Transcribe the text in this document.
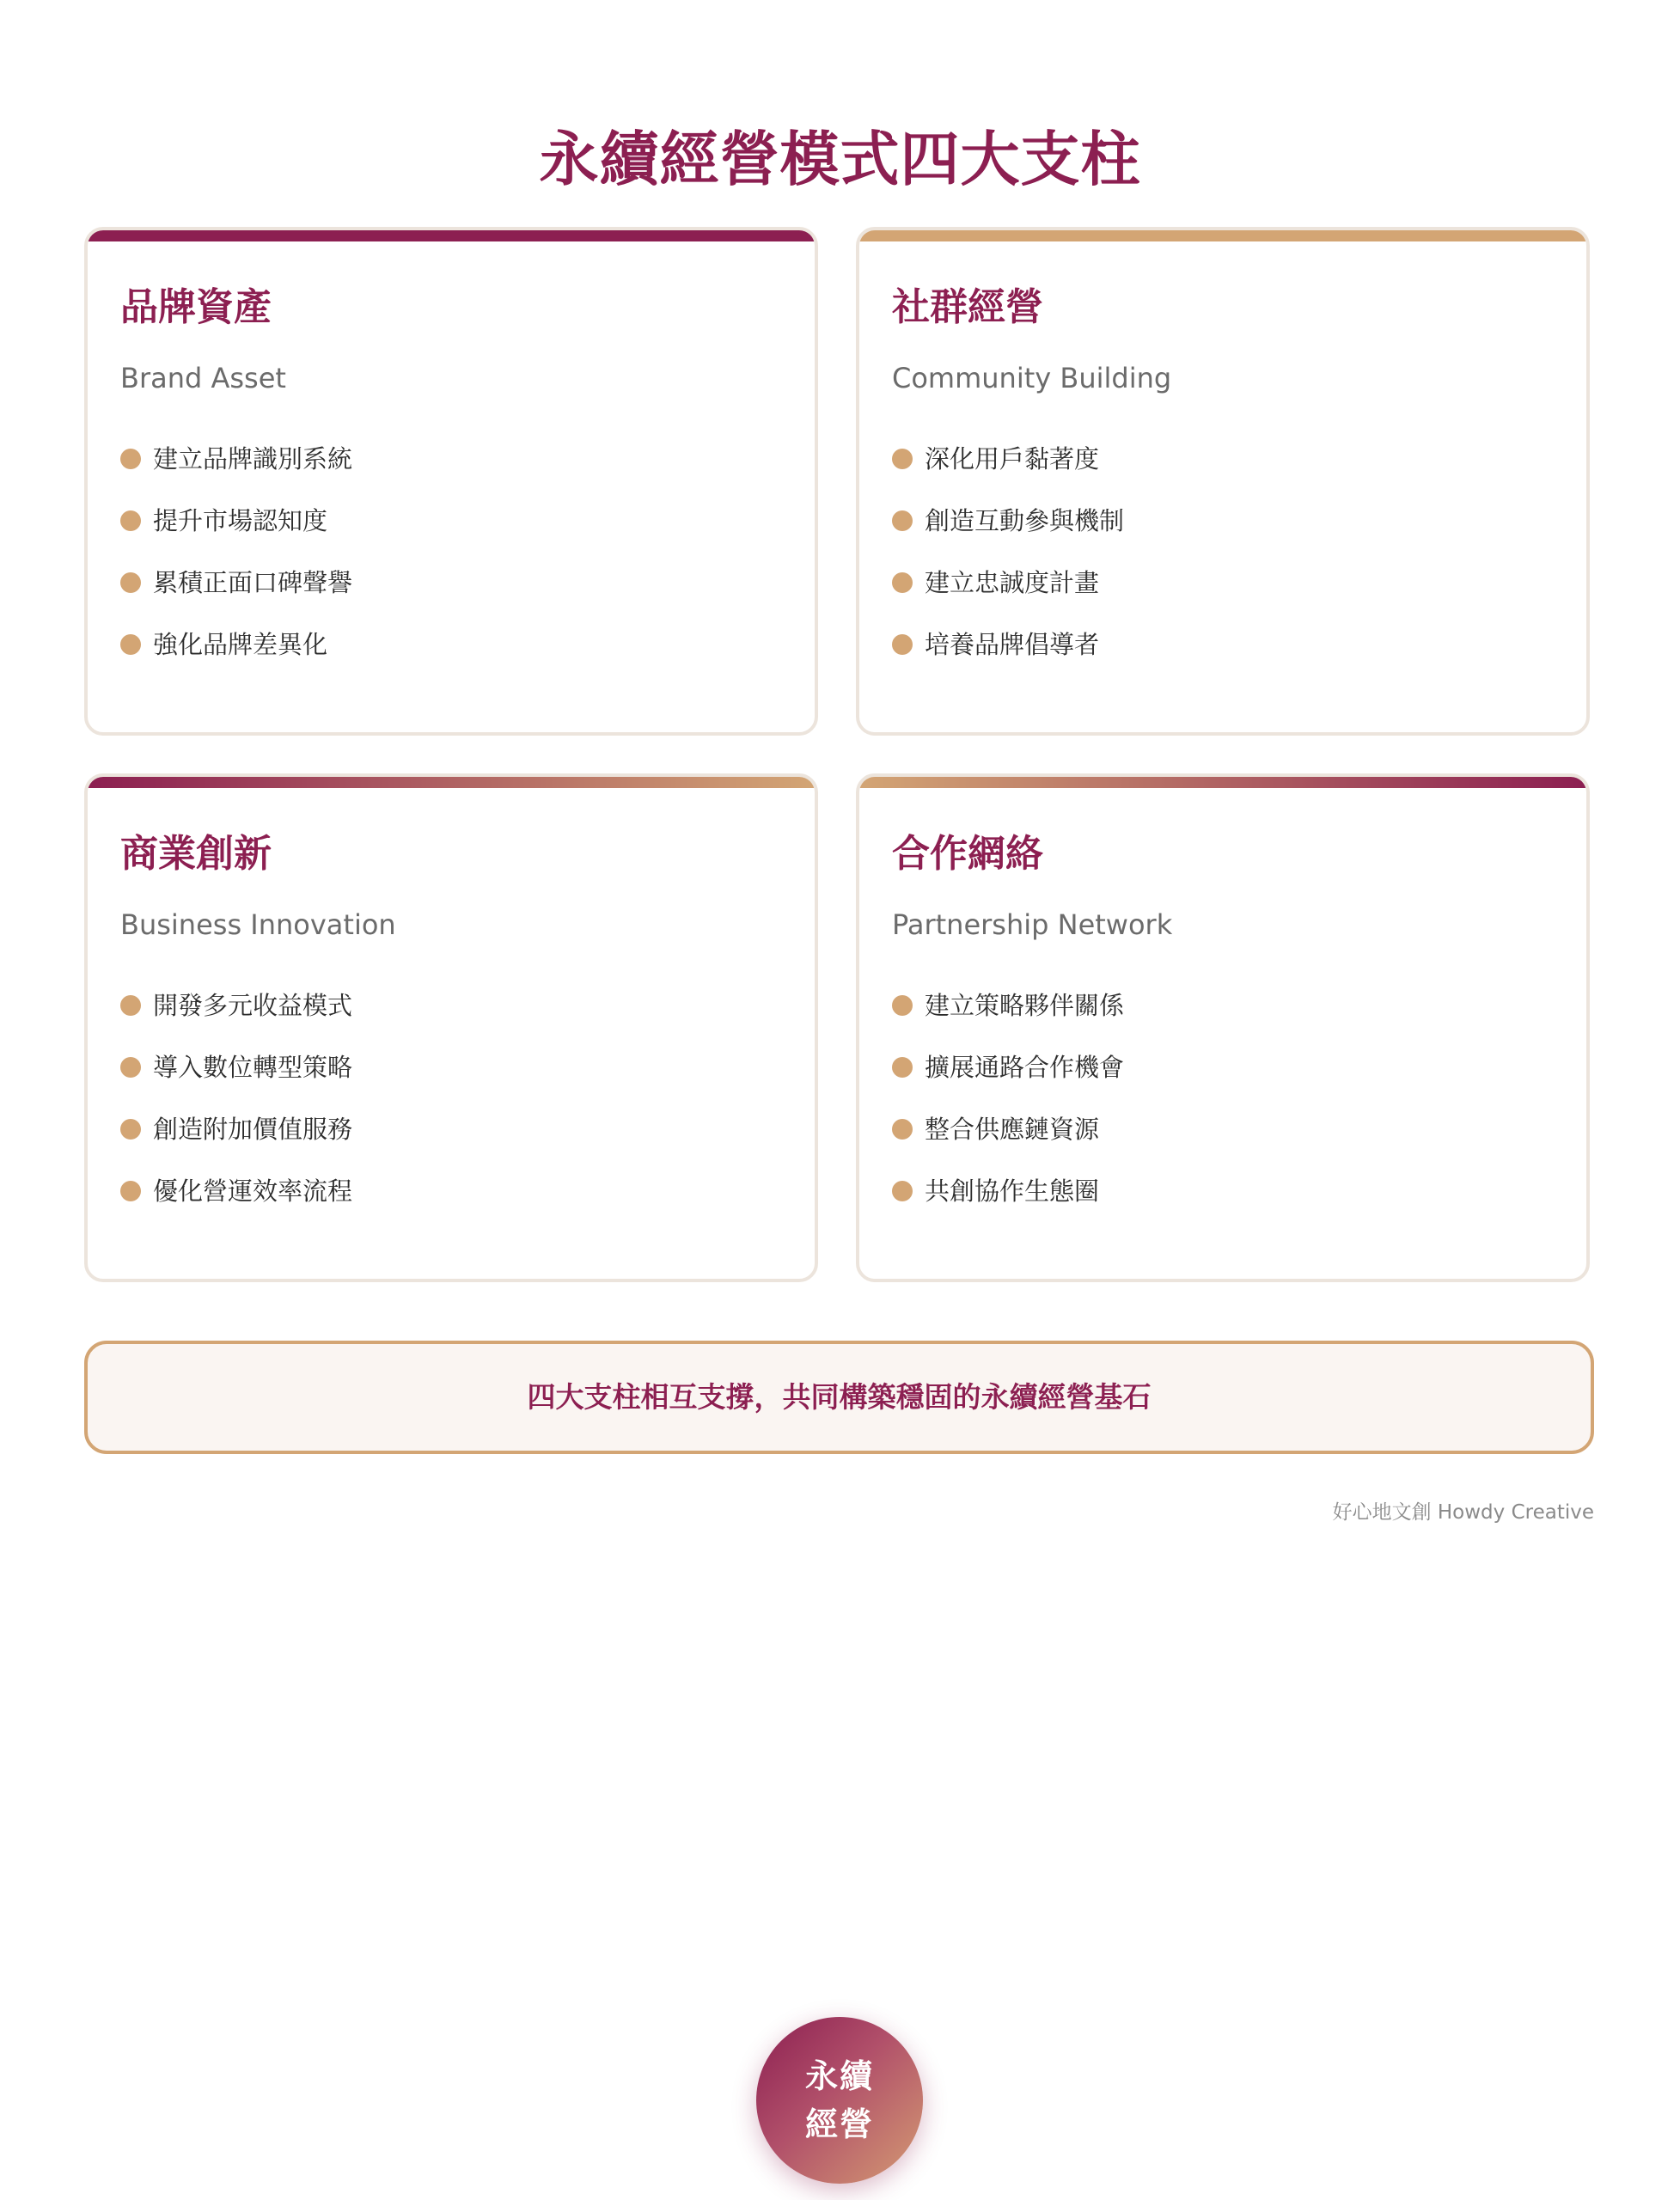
永續經營模式四大支柱
品牌資產
Brand Asset
建立品牌識別系統
提升市場認知度
累積正面口碑聲譽
強化品牌差異化
社群經營
Community Building
深化用戶黏著度
創造互動參與機制
建立忠誠度計畫
培養品牌倡導者
商業創新
Business Innovation
開發多元收益模式
導入數位轉型策略
創造附加價值服務
優化營運效率流程
合作網絡
Partnership Network
建立策略夥伴關係
擴展通路合作機會
整合供應鏈資源
共創協作生態圈
四大支柱相互支撐，共同構築穩固的永續經營基石
好心地文創 Howdy Creative
永續
經營
